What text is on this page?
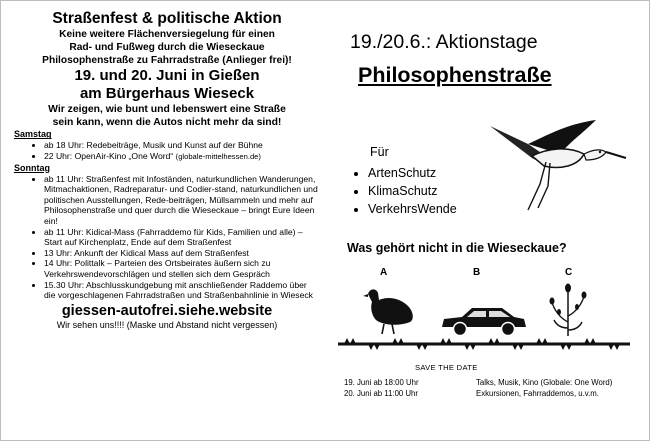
Straßenfest & politische Aktion

Keine weitere Flächenversiegelung für einen

Rad- und Fußweg durch die Wieseckaue

Philosophenstraße zu Fahrradstraße (Anlieger frei)!

19. und 20. Juni in Gießen

am Bürgerhaus Wieseck

Wir zeigen, wie bunt und lebenswert eine Straße

sein kann, wenn die Autos nicht mehr da sind!

Samstag

• ab 18 Uhr: Redebeiträge, Musik und Kunst auf der Bühne
• 22 Uhr: OpenAir-Kino „One Word“ (globale-mittelhessen.de)

Sonntag

• ab 11 Uhr: Straßenfest mit Infoständen, naturkundlichen Wanderungen, Mitmachaktionen, Radreparatur- und Codier-stand, naturkundlichen und politischen Ausstellungen, Rede-beiträgen, Müllsammeln und mehr auf Philosophenstraße und quer durch die Wieseckaue – bringt Eure Ideen ein!
• ab 11 Uhr: Kidical-Mass (Fahrraddemo für Kids, Familien und alle) – Start auf Kirchenplatz, Ende auf dem Straßenfest
• 13 Uhr: Ankunft der Kidical Mass auf dem Straßenfest
• 14 Uhr: Polittalk – Parteien des Ortsbeirates äußern sich zu Verkehrswendevorschlägen und stellen sich dem Gespräch
• 15.30 Uhr: Abschlusskundgebung mit anschließender Raddemo über die vorgeschlagenen Fahrradstraßen und Straßenbahnlinie in Wieseck

giessen-autofrei.siehe.website

Wir sehen uns!!!! (Maske und Abstand nicht vergessen)

19./20.6.: Aktionstage
Philosophenstraße
Für
• ArtenSchutz
• KlimaSchutz
• VerkehrsWende
Was gehört nicht in die Wieseckaue?
A	B	C
SAVE THE DATE
19. Juni ab 18:00 Uhr	Talks, Musik, Kino (Globale: One Word)
20. Juni ab 11:00 Uhr	Exkursionen, Fahrraddemos, u.v.m.
